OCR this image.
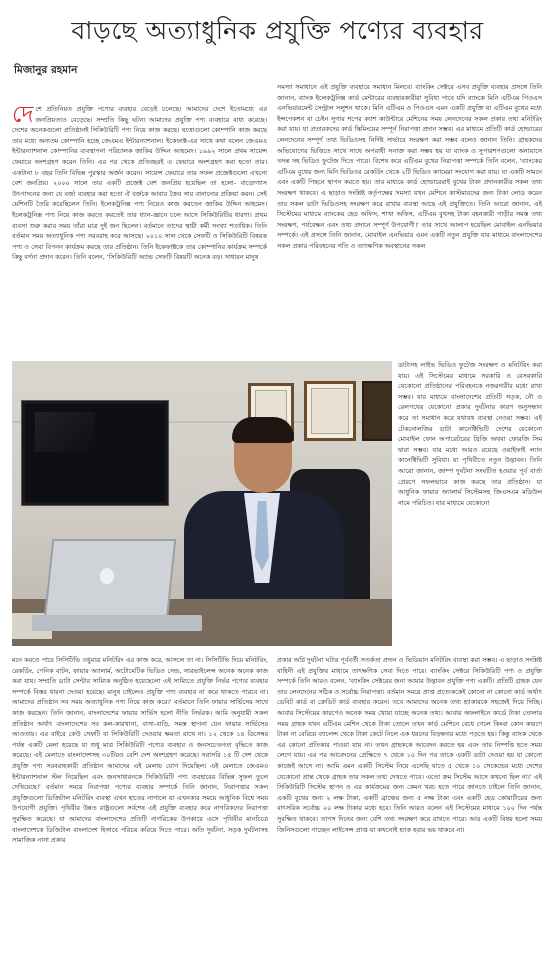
বাড়ছে অত্যাধুনিক প্রযুক্তি পণ্যের ব্যবহার
মিজানুর রহমান
দেশে প্রতিনিয়ত প্রযুক্তি পণ্যের ব্যবহার বেড়েই চলেছে। আমাদের দেশে ইতোমধ্যে এর জনপ্রিয়তাও বেড়েছে। সম্প্রতি কিছু ঘটনা আমাদের প্রযুক্তি পণ্য ব্যবহারে বাধ্য করেছে। দেশের অনেকগুলো প্রতিষ্ঠানই সিকিউরিটি পণ্য নিয়ে কাজ করছে। যত্তোগুলো কোম্পানি কাজ করছে তার মধ্যে অন্যতম কোম্পানি হচ্ছে জেএমএ ইন্টারন্যাশনাল। ইকেফাক্ট-এর সাথে কথা বলেন জেএমএ ইন্টারন্যাশনাল কোম্পানির ব্যবস্থাপনা পরিচালক জাকির উদ্দিন আহমেদ। ১৯৯২ সালে প্রথম সায়েন্স ফেয়ারে অংশগ্রহণ করেন তিনি। এর পর থেকে প্রতিবছরই এ ফেয়ারে অংশগ্রহণ করা হতো তার। একটানা ৮ বছর তিনি বিভিন্ন পুরস্কার অর্জন করেন। সায়েন্স ফেয়ারে তার সফল প্রজেক্টগুলো এখনো বেশ জনপ্রিয়। ২০০০ সালে তার একটি প্রজেক্ট বেশ জনপ্রিয় হয়েছিল তা হলো- বাড়োগ্যাস উৎপাদনের জন্য যে বর্জ্য ব্যবহার করা হতো ঐ বর্জকে আবার জৈব সার বানানোর প্রক্রিয়া করন। সেই মেশিনটি তৈরি করেছিলেন তিনি। ইলেকট্রনিক্স পণ্য নিয়েও কাজ করতেন জাকির উদ্দিন আহমেদ। ইলেকট্রনিক্স পণ্য নিয়ে কাজ করতে করতেই তার ধ্যান-জ্ঞানে চলে আসে সিকিউরিটির ধারণা। প্রথম ব্যবসা শুরু করার সময় তাঁরা মাত্র দুই জন ছিলেন। বর্তমানে তাদের স্থায়ী কর্মী সংখ্যা শতাধিক। তিনি বর্তমান সময় অত্যাধুনিক পণ্য সরবরাহ করে আসছে। ২০১০ সাল থেকে সেফটি ও সিকিউরিটি বিষয়ক পণ্য ও সেবা বিপনন কার্যক্রম করছে তার প্রতিষ্ঠান। তিনি ইকেফাক্টকে তার কোম্পানির কার্যক্রম সম্পর্কে কিছু বর্ণনা প্রদান করেন। তিনি বলেন, 'সিকিউরিটি অ্যান্ড সেফটি বিষয়টি অনেক বড়। সাধারন মানুষ
সমস্যা সমাধানে এই প্রযুক্তি ব্যবহারে সমাধান মিলবে। ব্যাংকিং সেক্টরে এসব প্রযুক্তি ব্যবহার প্রসঙ্গে তিনি জানান, ব্যাংক ইলেকট্রনিক্স কার্ড মেন্টারের ব্যবহারকারীরা সুবিধা পাবে যদি ব্যাংকে মিনি এটিএম পিওএস এনভিয়ারমেন্ট সেন্ট্রাল সলুশন থাকে। মিনি এটিএম ও পিওএস এমন একটি প্রযুক্তি যা এটিএম বুথের মধ্যে ইন্সপেকশন বা চেইন সুগার শপের ক্যাশ কাউন্টারে মেশিনের সময় লেনদেনের সকল প্রকার তথ্য মনিটরিং করা যায়। যা প্রতারকদের কার্ড স্কিমিংয়ের সম্পূর্ন নিরাপত্তা প্রদান সম্ভব। এর মাধ্যমে প্রতিটি কার্ড হোল্ডারের লেনদেনের সম্পূর্ণ তথ্য ভিডিওসহ নির্দিষ্ট সার্ভারে সংরক্ষণ করা সম্ভব বলেও জানান তিনি। গ্রাহকদের অভিযোগের ভিত্তিতে সাথে সাথে অপরাধী সনাক্ত করা সম্ভব হয় যা ব্যাংক ও সুপারশপগুলো অনায়াসে তদন্ত সহ ভিডিও ফুটেজ দিতে পারে। বিশেষ করে এটিএম বুথের নিরাপত্তা সম্পর্কে তিনি বলেন, 'ব্যাংকের এটিএম বুথের জন্য মিনি ভিডিওর রেকর্ডিং থেকে ২টি ভিডিও ক্যামেরা সংযোগ করা যায়। যা একটি সামনে এবং একটি পিছনে স্থাপন করতে হয়। তার মাধ্যমে কার্ড হোল্ডারেরাই বুথের টাকা প্রদানকারীর সকল তথ্য সংরক্ষণ থাকবে। এ ছাড়াও সংশ্লিষ্ট কর্তৃপক্ষের সমস্যা যখন মেশিনে কাস্টমারদের জন্য টাকা লোড করেন তার সকল ডাটা ভিডিওসহ সংরক্ষণ করে রাখার ব্যবস্থা আছে এই প্রযুক্তিতে। তিনি আরো জানান, এই সিস্টেমের মাধ্যমে ব্যাংকের হেড অফিস, শাখা অফিস, এটিএম বুথসহ টাকা বহনকারী গাড়ীর সমস্ত তথ্য সংরক্ষণ, পর্যবেক্ষন এবং তথ্য প্রদানে সম্পূর্ণ উপযোগী।' তার সাথে আলাপ হয়েছিল মোবাইল এনভিয়ার সম্পর্কে। এই প্রসঙ্গে তিনি জানান, মোবাইল এনভিয়ার এমন একটি নতুন প্রযুক্তি যার মাধ্যমে বাংলাদেশের সকল প্রকার পরিবহনের গতি ও তাৎক্ষণিক অবস্থানের সকল
ডাটাসহ লাইভ ভিডিও ফুটেজ সংরক্ষণ ও মনিটরিং করা যায়। এই সিস্টেমের মাধ্যমে সরকারি ও বেসরকারি যেকোনো প্রতিষ্ঠানের পরিবহনকে নজরদারীর মধ্যে রাখা সম্ভব। যার মাধ্যমে বাংলাদেশের প্রতিটি সড়ক, নৌ ও রেলপথের যেকোনো প্রকার দুর্ঘটনার কারণ অনুসন্ধান করে তা সমাধান করে যথাযথ ব্যবস্থা নেওয়া সম্ভব। এই টেকনোলজির ডাটা কানেক্টিভিটি দেশের যেকোনো মোবাইল ফোন অপারেটরের থ্রিজি অথবা ফোরজি সিম দ্বারা সম্ভব। যার মধ্যে আরও রয়েছে ওয়াইফাই ল্যান কানেক্টিভিটি সুবিধা। যা পৃথিবীতে নতুন উদ্ভাবন। তিনি আরো জানান, জাম্প দুর্ঘটনা সংঘটিত হওয়ার পূর্ব বার্তা প্রেরণে সফলভাবে কাজ করছে তার প্রতিষ্ঠান। যা আধুনিক ফায়ার অ্যালার্ম সিস্টেমসহ জিএসএম মডিউল নামে পরিচিত। যার মাধ্যমে যেকোনো
মনে করতে পারে সিসিটিভি ওধুমাত্র মনিটরিং এর কাজ করে, আসলে তা না। সিসিটিভি দিয়ে মনিটরিং, রেকর্ডিং, পেনিক বাটন, ফায়ার অ্যালার্ম, অটোমেটিক ভিডিও সেন্ড, সারভাইলেন্স অনেক অনেক কাজ করা যায়। সম্প্রতি ডাটা সেন্টার সাম্যিক অনুষ্ঠিত হয়েছেলো এই সাম্যিতে প্রযুক্তি নির্ভর পণ্যের ব্যবহার সম্পর্কে বিস্তর ধারনা দেওয়া হয়েছে। মানুষ চাইলেও প্রযুক্তি পণ্য ব্যবহার না করে থাকতে পারবে না। আমাদের প্রতিষ্ঠান সব সময় অত্যাধুনিক পণ্য নিয়ে কাজ করে।' বর্তমানে তিনি ফায়ার সার্ভিসের সাথে কাজ করছেন। তিনি জানান, বাংলাদেশের ফায়ার সার্ভিস হলো নীতি নির্ভরক। আমি অনুযায়ী সকল প্রতিষ্ঠান অর্থাৎ বাংলাদেশের সব কল-কারখানা, বাসা-বাড়ি, সমস্ত স্থাপনা যেন ফায়ার সার্ভিসের আওতায়। এর বাইরে কেউ সেফটি বা সিকিউরিটি দেওয়ার ক্ষমতা রাখে না। ১২ থেকে ১৪ ডিসেম্বর পর্যন্ত একটি মেলা হয়েছে যা শুধু মাত্র সিকিউরিটি পণ্যের ব্যবহার ও জনসচেতনতা বৃদ্ধিতে কাজ করেছে। এই মেলাতে বাংলাদেশসহ ৩০টিরও বেশি দেশ অংশগ্রহণ করেছে। সরাসরি ১৫ টি দেশ থেকে প্রযুক্তি পণ্য সরবরাহকারী প্রতিষ্ঠান আমাদের এই মেলায় যোগ দিয়েছিল। এই মেলাতে জেএমএ ইন্টারন্যাশনাল স্টল নিয়েছিল এবং জনসাধারনকে সিকিউরিটি পণ্য ব্যবহারের বিভিন্ন সুফল তুলে দেখিয়েছে।' বর্তমান সময়ে নিরাপত্তা পণ্যের ব্যবহার সম্পর্কে তিনি জানান, নিরাপত্তার সকল প্রযুক্তিগুলো ডিজিটাল মনিটরিং ব্যবস্থা এখন হাতের নাগালে যা এখনকার সময়ে আধুনিক বিশ্বে সময় উপযোগী প্রযুক্তি। পৃথিবীর উন্নত রাষ্ট্রগুলো সর্বশেষ এই প্রযুক্তি ব্যবহার করে নাগরিকদের নিরাপত্তা সুরক্ষিত করেছে। যা আমাদের বাংলাদেশের প্রতিটি নাগরিকের উপকারে এসে পৃথিবীর মানচিত্রে বাংলাদেশকে ডিজিটাল বাংলাদেশ হিসাবে পরিচয় করিয়ে দিতে পারে। অতি দুর্ঘটনা, সড়ক দুর্ঘটনাসহ সামাজিক নানা প্রকার
প্রকার অগ্নি দুর্ঘটনা ঘটার পূর্ববর্তী সতর্কতা প্রদান ও ভিডিয়ান মনিটরিং ব্যবস্থা করা সম্ভব। এ ছাড়াও সংশ্লিষ্ট বাহিনী এই প্রযুক্তির মাধ্যমে তাৎক্ষণিক সেবা দিতে পারে। ব্যাংকিং সেক্টরে সিকিউরিটি পণ্য ও প্রযুক্তি সম্পর্কে তিনি আরও বলেন, 'ব্যাংকিং সেক্টরের জন্য আমার উদ্ভাবন প্রযুক্তি পণ্য একটি। প্রতিটি গ্রাহক যেন তার লেনদেনের সঠিক ও সর্বোচ্চ নিরাপত্তা। বর্তমান সময়ে প্রাপ্ত প্রত্যেককেই কোনো না কোনো কার্ড অর্থাৎ ডেবিট কার্ড বা ক্রেডিট কার্ড ব্যবহার করেন। তবে আমাদের অনেক তথ্য হ্যাকারকে সহজেই দিয়ে দিচ্ছি। আবার সিস্টেমের কারণেও অনেক সময় খোয়া যাচ্ছে অনেক তথ্য। আবার অফলাইনে কার্ডে টাকা তোলার সময় গ্রাহক যখন এটিএম মেশিন থেকে টাকা তোলে তখন কার্ড মেশিনে বেধে গেলে কিংবা কোন কারণে টাকা না বেরিয়ে ব্যালেন্স থেকে টাকা কেটে নিলে এক ধরনের বিড়ম্বনার মধ্যে পড়তে হয়। কিন্তু ব্যাংক থেকে এর কোনো প্রতিকার পাওয়া যায় না। তখন গ্রাহককে আবেদন করতে হয় এবং তার নিষ্পত্তি হতে সময় লেগে যায়। এর পর আবেদনের প্রেক্ষিতে ৭ থেকে ১০ দিন পর তাকে একটি ডাটা দেওয়া হয় যা কোনো কাজেই আসে না। আমি এমন একটি সিস্টেম নিয়ে এসেছি যাতে ৫ থেকে ১০ সেকেন্ডের মধ্যে দেশের যেকোনো প্রান্ত থেকে গ্রাহক তার সকল তথ্য দেখতে পাবে। এতো ক্রম সিস্টেম আসে কখনো ছিল না।' এই সিকিউরিটি সিস্টেম স্থাপন ও এর কার্যক্রমের জন্য কেমন খরচ হতে পারে জানতে চাইলে তিনি জানান, একটি বুথের জন্য ২ লক্ষ টাকা, একটি ব্রাঞ্চের জন্য ৫ লক্ষ টাকা এবং একটি হেড কোয়ার্টারের জন্য বাৎসরিক সর্বোচ্চ ২০ লক্ষ টাকার মধ্যে হবে। তিনি আরও বলেন এই সিস্টেমের মাধ্যমে ১০০ দিন পর্যন্ত সুরক্ষিত থাকবে। তাপস দিনের জন্য বেশি তথ্য সংরক্ষণ করে রাখতে পারে। আর একটি বিষয় হলো সময় জিনিসগুলো পাচ্ছেন লাইসেন্স প্রাপ্ত যা কখনোই হ্যাক হবার ভয় থাকবে না।
